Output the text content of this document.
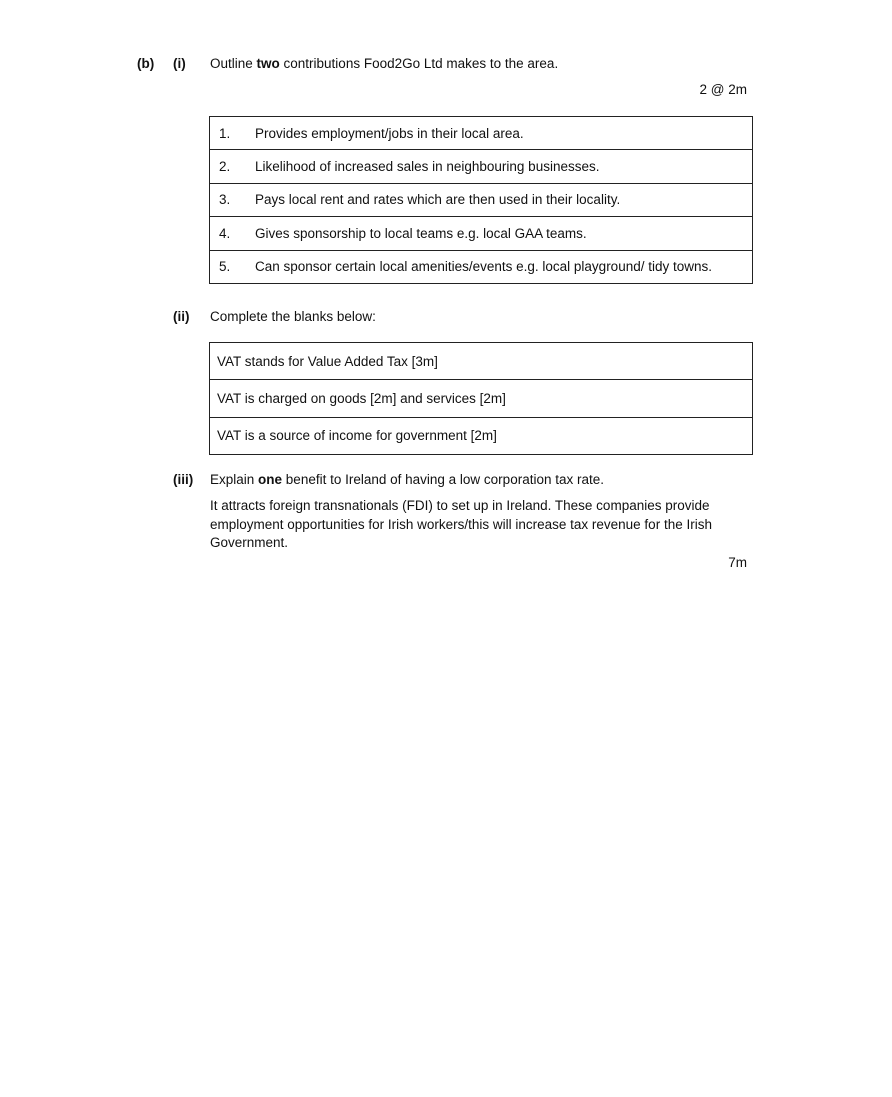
(b) (i) Outline two contributions Food2Go Ltd makes to the area.
2 @ 2m
1.	Provides employment/jobs in their local area.
2.	Likelihood of increased sales in neighbouring businesses.
3.	Pays local rent and rates which are then used in their locality.
4.	Gives sponsorship to local teams e.g. local GAA teams.
5.	Can sponsor certain local amenities/events e.g. local playground/ tidy towns.
(ii) Complete the blanks below:
VAT stands for Value Added Tax [3m]
VAT is charged on goods [2m] and services [2m]
VAT is a source of income for government [2m]
(iii) Explain one benefit to Ireland of having a low corporation tax rate.
It attracts foreign transnationals (FDI) to set up in Ireland. These companies provide
employment opportunities for Irish workers/this will increase tax revenue for the Irish
Government.
7m
